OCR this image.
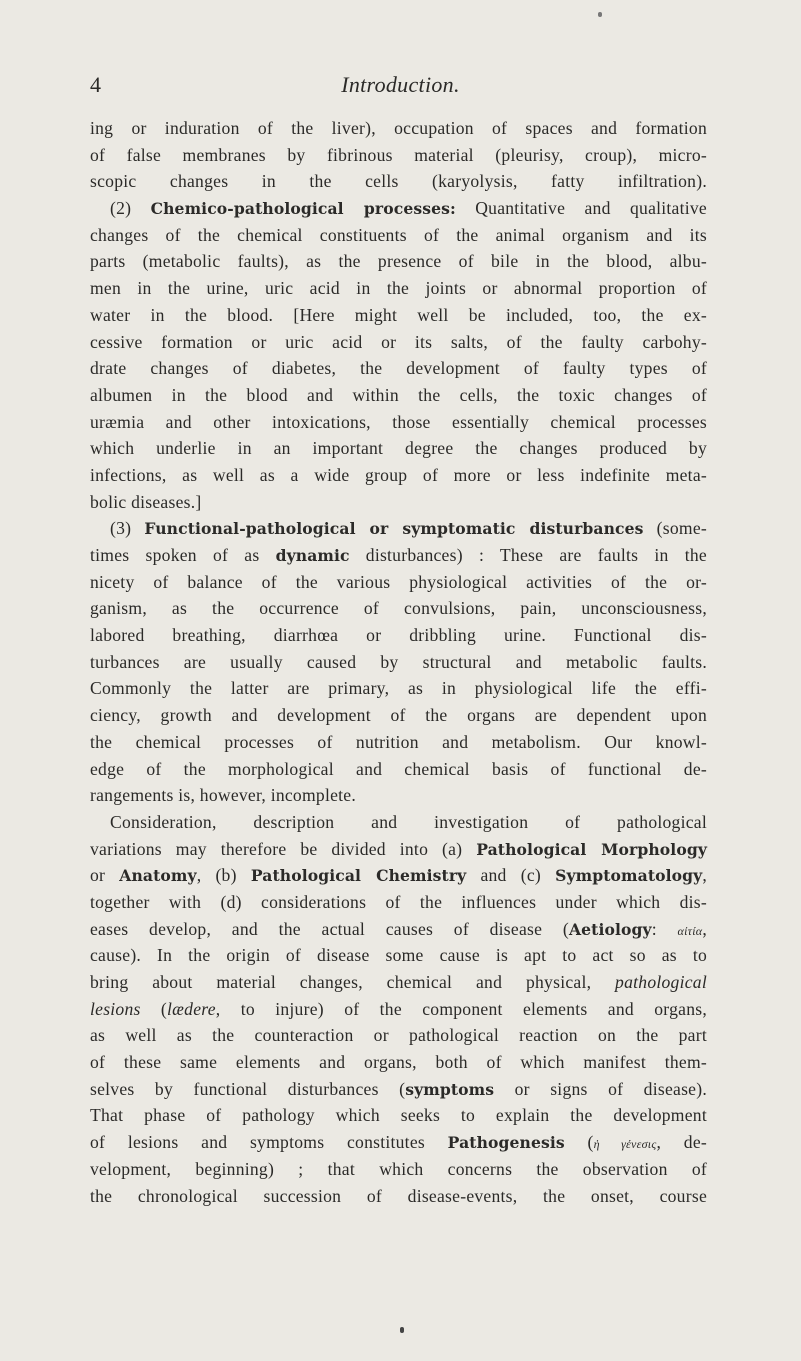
4	Introduction.
ing or induration of the liver), occupation of spaces and formation
of false membranes by fibrinous material (pleurisy, croup), micro-
scopic changes in the cells (karyolysis, fatty infiltration).
(2) Chemico-pathological processes: Quantitative and qualitative
changes of the chemical constituents of the animal organism and its
parts (metabolic faults), as the presence of bile in the blood, albu-
men in the urine, uric acid in the joints or abnormal proportion of
water in the blood. [Here might well be included, too, the ex-
cessive formation or uric acid or its salts, of the faulty carbohy-
drate changes of diabetes, the development of faulty types of
albumen in the blood and within the cells, the toxic changes of
uræmia and other intoxications, those essentially chemical processes
which underlie in an important degree the changes produced by
infections, as well as a wide group of more or less indefinite meta-
bolic diseases.]
(3) Functional-pathological or symptomatic disturbances (some-
times spoken of as dynamic disturbances) : These are faults in the
nicety of balance of the various physiological activities of the or-
ganism, as the occurrence of convulsions, pain, unconsciousness,
labored breathing, diarrhœa or dribbling urine. Functional dis-
turbances are usually caused by structural and metabolic faults.
Commonly the latter are primary, as in physiological life the effi-
ciency, growth and development of the organs are dependent upon
the chemical processes of nutrition and metabolism. Our knowl-
edge of the morphological and chemical basis of functional de-
rangements is, however, incomplete.
Consideration, description and investigation of pathological
variations may therefore be divided into (a) Pathological Morphology
or Anatomy, (b) Pathological Chemistry and (c) Symptomatology,
together with (d) considerations of the influences under which dis-
eases develop, and the actual causes of disease (Aetiology: αἰτία,
cause). In the origin of disease some cause is apt to act so as to
bring about material changes, chemical and physical, pathological
lesions (lædere, to injure) of the component elements and organs,
as well as the counteraction or pathological reaction on the part
of these same elements and organs, both of which manifest them-
selves by functional disturbances (symptoms or signs of disease).
That phase of pathology which seeks to explain the development
of lesions and symptoms constitutes Pathogenesis (ἡ γένεσις, de-
velopment, beginning) ; that which concerns the observation of
the chronological succession of disease-events, the onset, course
